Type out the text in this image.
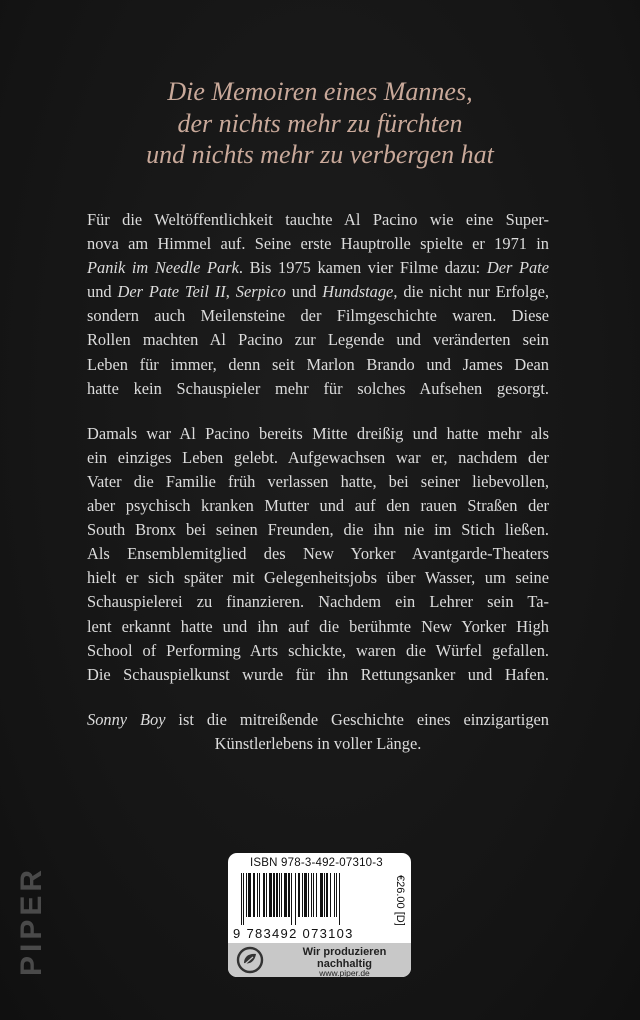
Die Memoiren eines Mannes,
der nichts mehr zu fürchten
und nichts mehr zu verbergen hat

Für die Weltöffentlichkeit tauchte Al Pacino wie eine Super-
nova am Himmel auf. Seine erste Hauptrolle spielte er 1971 in
Panik im Needle Park. Bis 1975 kamen vier Filme dazu: Der Pate
und Der Pate Teil II, Serpico und Hundstage, die nicht nur Erfolge,
sondern auch Meilensteine der Filmgeschichte waren. Diese
Rollen machten Al Pacino zur Legende und veränderten sein
Leben für immer, denn seit Marlon Brando und James Dean
hatte kein Schauspieler mehr für solches Aufsehen gesorgt.

Damals war Al Pacino bereits Mitte dreißig und hatte mehr als
ein einziges Leben gelebt. Aufgewachsen war er, nachdem der
Vater die Familie früh verlassen hatte, bei seiner liebevollen,
aber psychisch kranken Mutter und auf den rauen Straßen der
South Bronx bei seinen Freunden, die ihn nie im Stich ließen.
Als Ensemblemitglied des New Yorker Avantgarde-Theaters
hielt er sich später mit Gelegenheitsjobs über Wasser, um seine
Schauspielerei zu finanzieren. Nachdem ein Lehrer sein Ta-
lent erkannt hatte und ihn auf die berühmte New Yorker High
School of Performing Arts schickte, waren die Würfel gefallen.
Die Schauspielkunst wurde für ihn Rettungsanker und Hafen.

Sonny Boy ist die mitreißende Geschichte eines einzigartigen
Künstlerlebens in voller Länge.

PIPER
ISBN 978-3-492-07310-3
9 783492 073103
€26.00 [D]
Wir produzieren nachhaltig
www.piper.de
